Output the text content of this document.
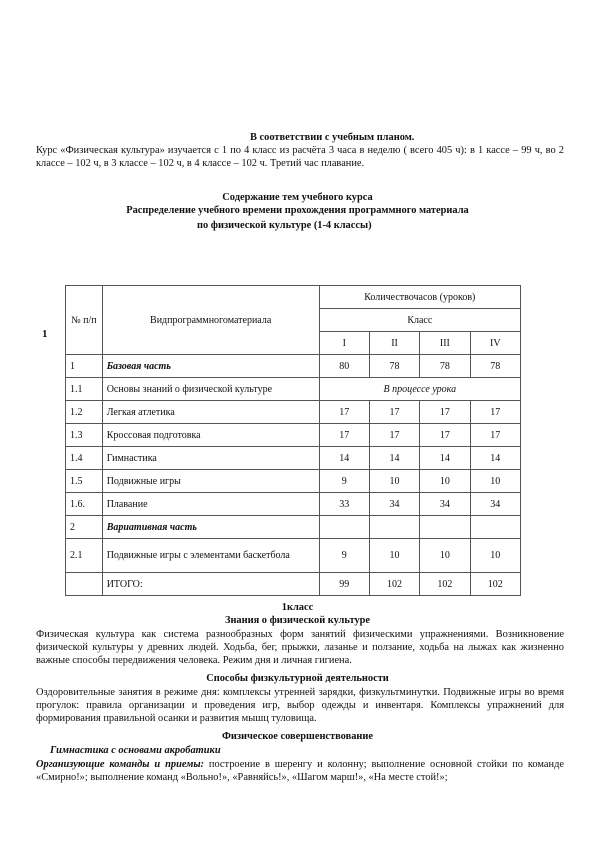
В соответствии с учебным планом.
Курс «Физическая культура» изучается с 1 по 4 класс из расчёта 3 часа в неделю ( всего 405 ч): в 1 кассе – 99 ч, во 2 классе – 102 ч, в 3 классе – 102 ч, в 4 классе – 102 ч. Третий час плавание.
Содержание тем учебного курса
Распределение учебного времени прохождения программного материала
по физической культуре (1-4 классы)
1
№ п/п	Видпрограммногоматериала	Количествочасов (уроков)			
		Класс			
		I	II	III	IV
1	Базовая часть	80	78	78	78
1.1	Основы знаний о физической культуре	В процессе урока			
1.2	Легкая атлетика	17	17	17	17
1.3	Кроссовая подготовка	17	17	17	17
1.4	Гимнастика	14	14	14	14
1.5	Подвижные игры	9	10	10	10
1.6.	Плавание	33	34	34	34
2	Вариативная часть				
2.1	Подвижные игры с элементами баскетбола	9	10	10	10
	ИТОГО:	99	102	102	102
1класс
Знания о физической культуре
Физическая культура как система разнообразных форм занятий физическими упражнениями. Возникновение физической культуры у древних людей. Ходьба, бег, прыжки, лазанье и ползание, ходьба на лыжах как жизненно важные способы передвижения человека. Режим дня и личная гигиена.
Способы физкультурной деятельности
Оздоровительные занятия в режиме дня: комплексы утренней зарядки, физкультминутки. Подвижные игры во время прогулок: правила организации и проведения игр, выбор одежды и инвентаря. Комплексы упражнений для формирования правильной осанки и развития мышц туловища.
Физическое совершенствование
Гимнастика с основами акробатики
Организующие команды и приемы: построение в шеренгу и колонну; выполнение основной стойки по команде «Смирно!»; выполнение команд «Вольно!», «Равняйсь!», «Шагом марш!», «На месте стой!»;
